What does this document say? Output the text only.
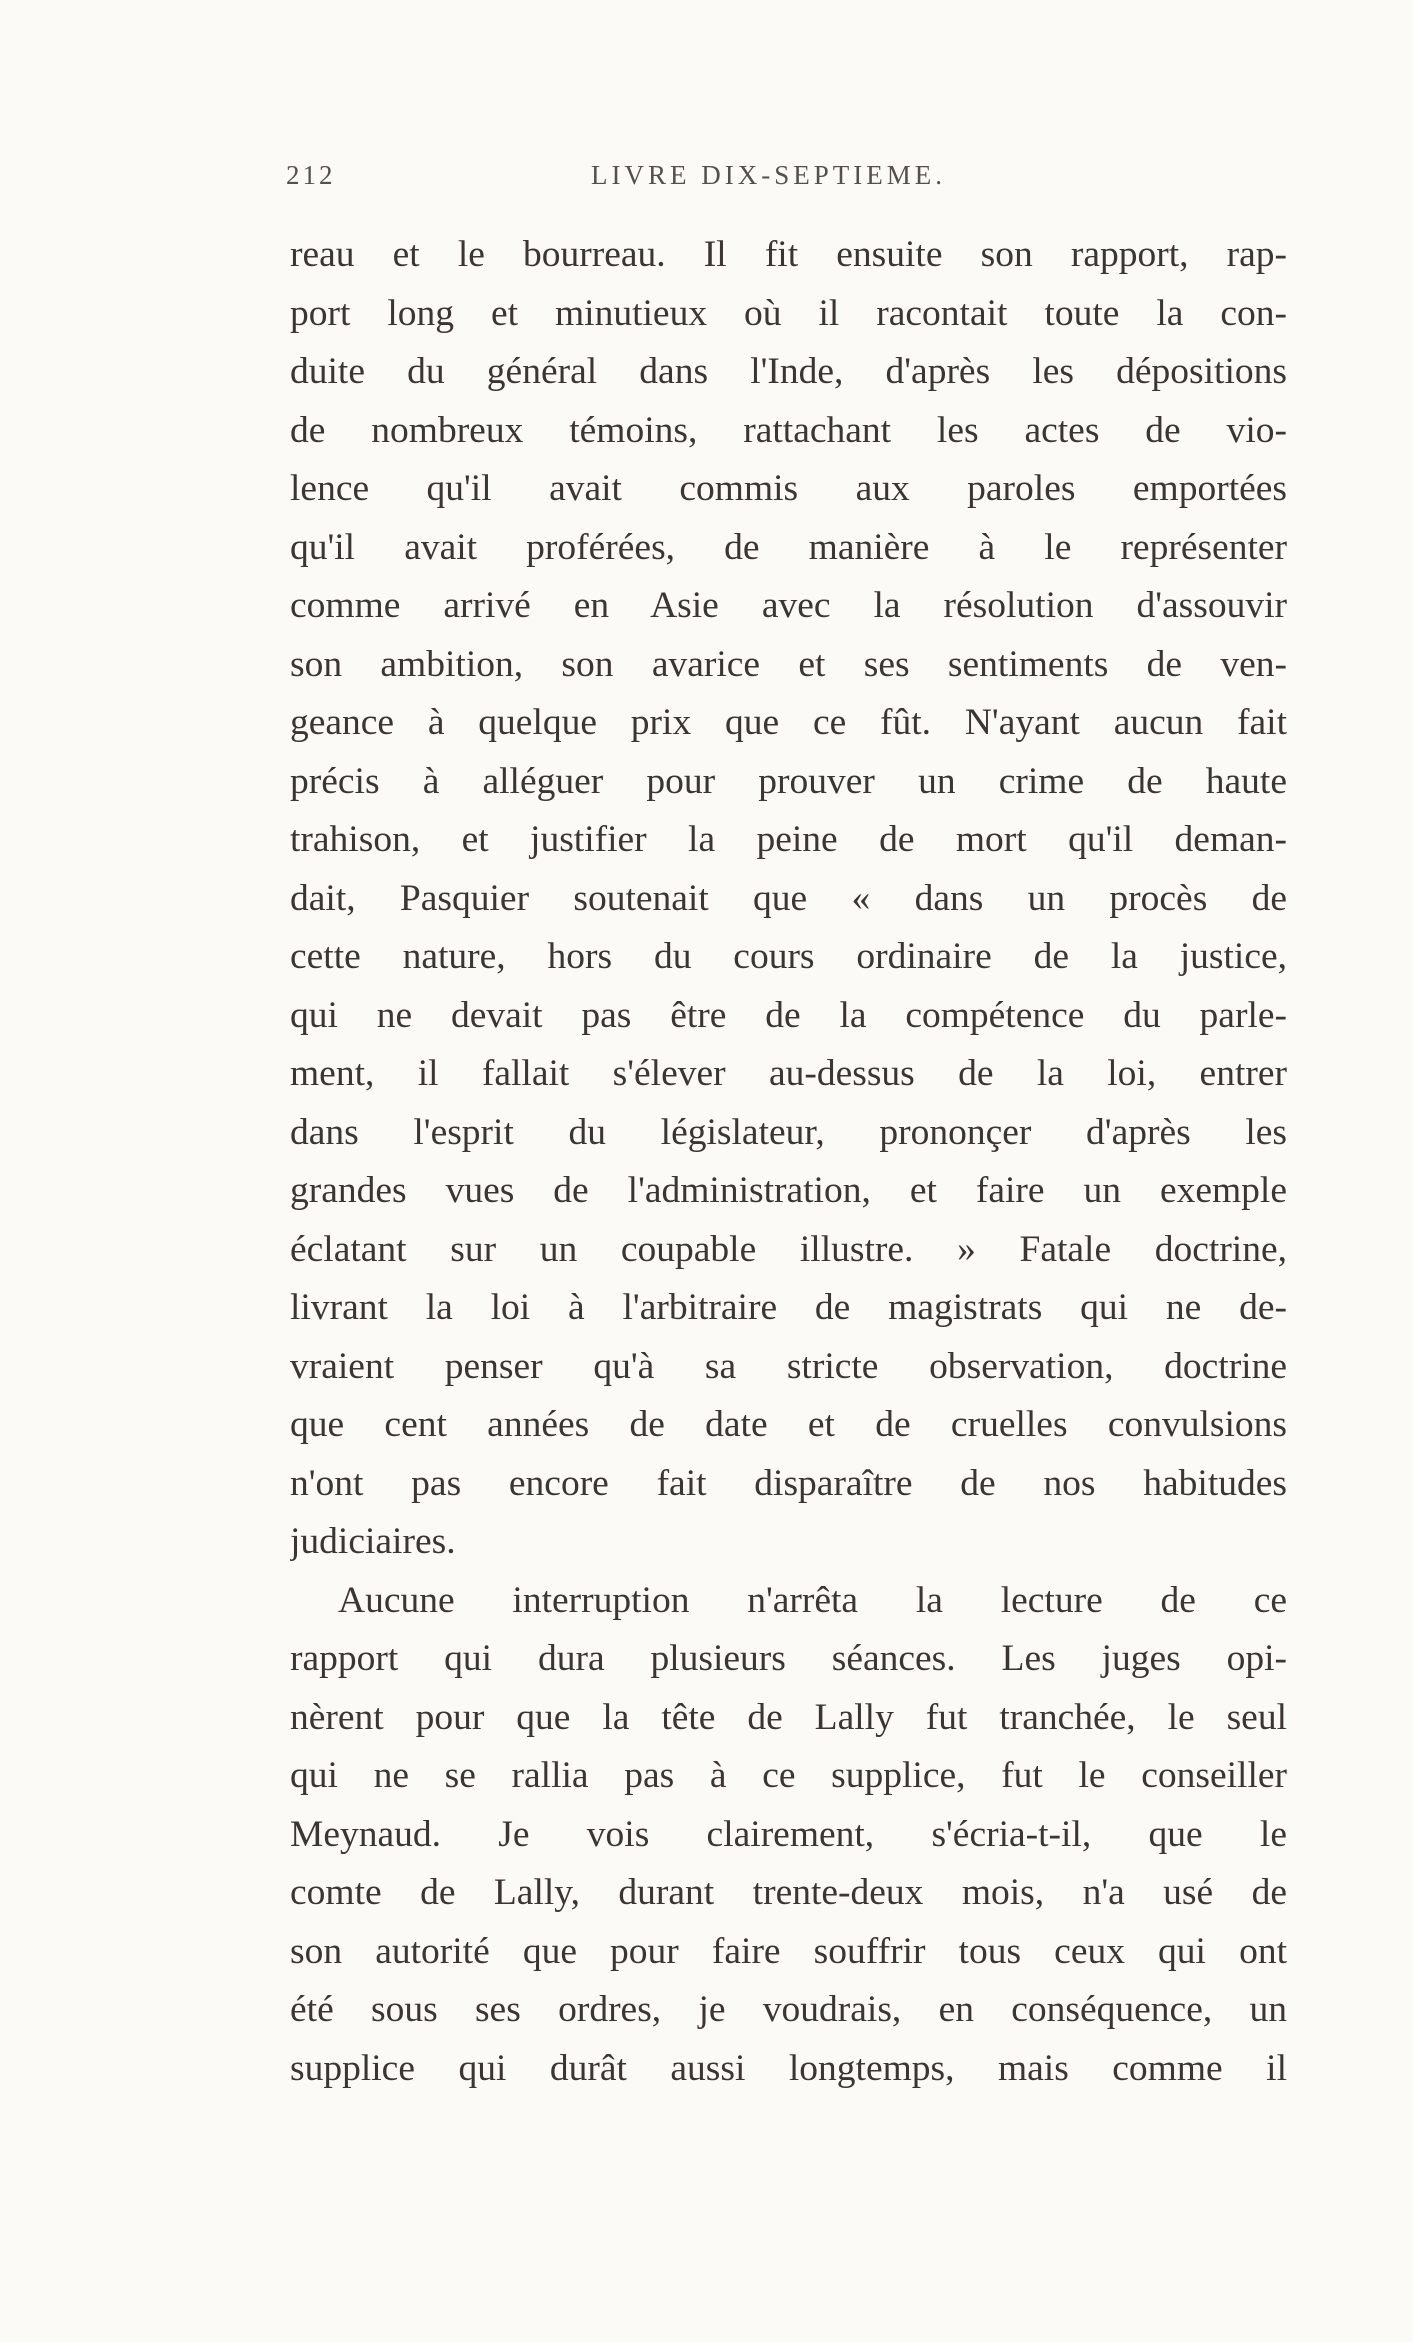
212	LIVRE DIX-SEPTIEME.
reau et le bourreau. Il fit ensuite son rapport, rap-
port long et minutieux où il racontait toute la con-
duite du général dans l'Inde, d'après les dépositions
de nombreux témoins, rattachant les actes de vio-
lence qu'il avait commis aux paroles emportées
qu'il avait proférées, de manière à le représenter
comme arrivé en Asie avec la résolution d'assouvir
son ambition, son avarice et ses sentiments de ven-
geance à quelque prix que ce fût. N'ayant aucun fait
précis à alléguer pour prouver un crime de haute
trahison, et justifier la peine de mort qu'il deman-
dait, Pasquier soutenait que « dans un procès de
cette nature, hors du cours ordinaire de la justice,
qui ne devait pas être de la compétence du parle-
ment, il fallait s'élever au-dessus de la loi, entrer
dans l'esprit du législateur, prononçer d'après les
grandes vues de l'administration, et faire un exemple
éclatant sur un coupable illustre. » Fatale doctrine,
livrant la loi à l'arbitraire de magistrats qui ne de-
vraient penser qu'à sa stricte observation, doctrine
que cent années de date et de cruelles convulsions
n'ont pas encore fait disparaître de nos habitudes
judiciaires.
Aucune interruption n'arrêta la lecture de ce
rapport qui dura plusieurs séances. Les juges opi-
nèrent pour que la tête de Lally fut tranchée, le seul
qui ne se rallia pas à ce supplice, fut le conseiller
Meynaud. Je vois clairement, s'écria-t-il, que le
comte de Lally, durant trente-deux mois, n'a usé de
son autorité que pour faire souffrir tous ceux qui ont
été sous ses ordres, je voudrais, en conséquence, un
supplice qui durât aussi longtemps, mais comme il
